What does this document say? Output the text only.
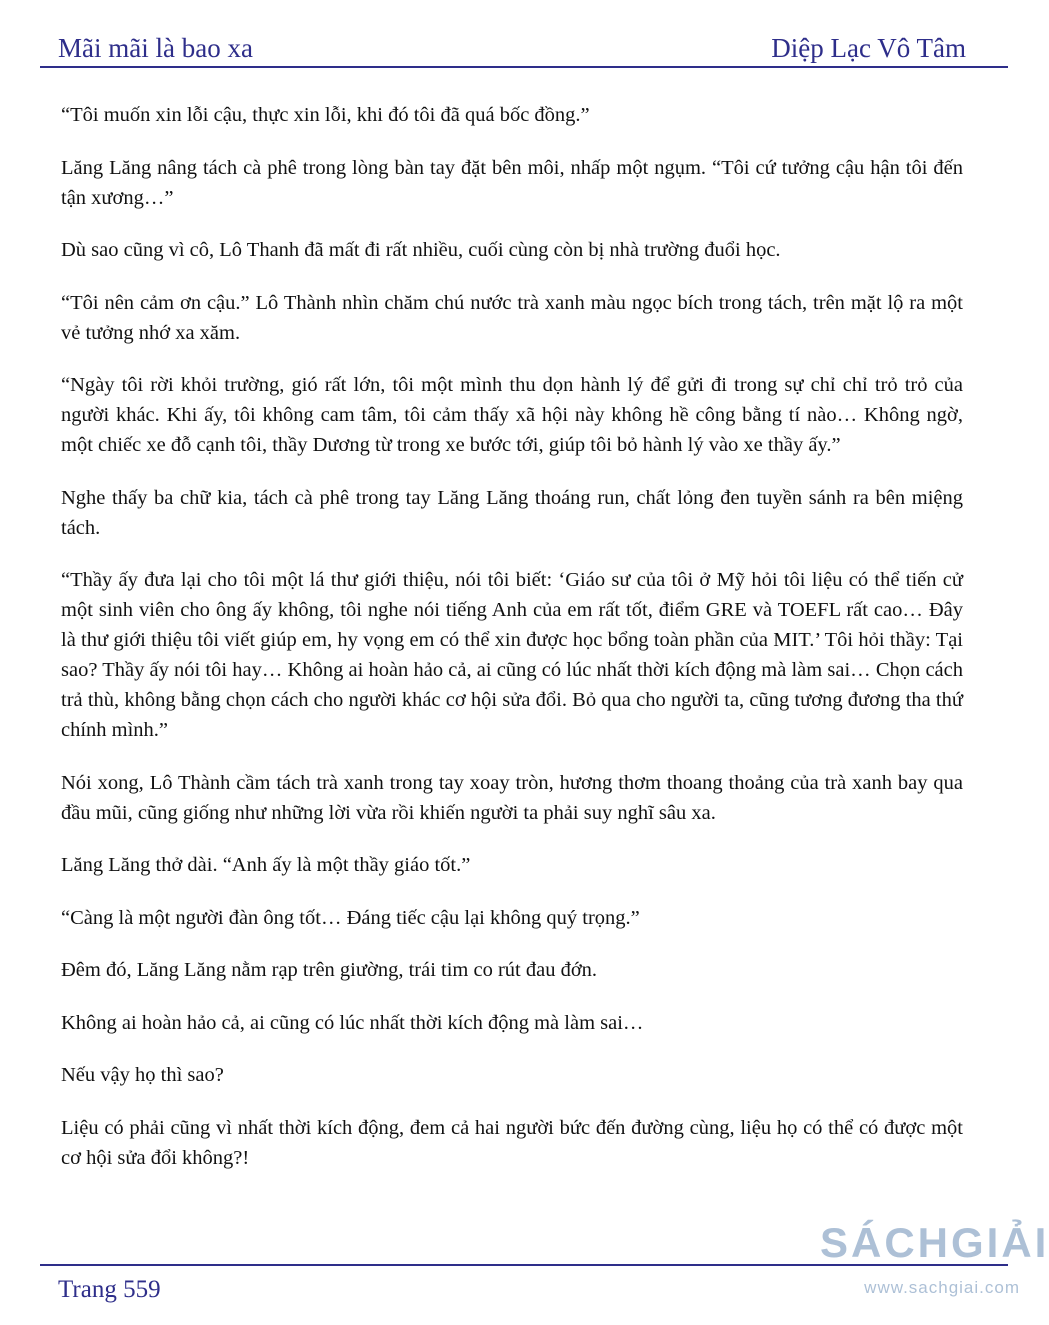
Mãi mãi là bao xa	Diệp Lạc Vô Tâm

“Tôi muốn xin lỗi cậu, thực xin lỗi, khi đó tôi đã quá bốc đồng.”

Lăng Lăng nâng tách cà phê trong lòng bàn tay đặt bên môi, nhấp một ngụm. “Tôi cứ tưởng cậu hận tôi đến tận xương…”

Dù sao cũng vì cô, Lô Thanh đã mất đi rất nhiều, cuối cùng còn bị nhà trường đuổi học.

“Tôi nên cảm ơn cậu.” Lô Thành nhìn chăm chú nước trà xanh màu ngọc bích trong tách, trên mặt lộ ra một vẻ tưởng nhớ xa xăm.

“Ngày tôi rời khỏi trường, gió rất lớn, tôi một mình thu dọn hành lý để gửi đi trong sự chỉ chỉ trỏ trỏ của người khác. Khi ấy, tôi không cam tâm, tôi cảm thấy xã hội này không hề công bằng tí nào… Không ngờ, một chiếc xe đỗ cạnh tôi, thầy Dương từ trong xe bước tới, giúp tôi bỏ hành lý vào xe thầy ấy.”

Nghe thấy ba chữ kia, tách cà phê trong tay Lăng Lăng thoáng run, chất lỏng đen tuyền sánh ra bên miệng tách.

“Thầy ấy đưa lại cho tôi một lá thư giới thiệu, nói tôi biết: ‘Giáo sư của tôi ở Mỹ hỏi tôi liệu có thể tiến cử một sinh viên cho ông ấy không, tôi nghe nói tiếng Anh của em rất tốt, điểm GRE và TOEFL rất cao… Đây là thư giới thiệu tôi viết giúp em, hy vọng em có thể xin được học bổng toàn phần của MIT.’ Tôi hỏi thầy: Tại sao? Thầy ấy nói tôi hay… Không ai hoàn hảo cả, ai cũng có lúc nhất thời kích động mà làm sai… Chọn cách trả thù, không bằng chọn cách cho người khác cơ hội sửa đổi. Bỏ qua cho người ta, cũng tương đương tha thứ chính mình.”

Nói xong, Lô Thành cầm tách trà xanh trong tay xoay tròn, hương thơm thoang thoảng của trà xanh bay qua đầu mũi, cũng giống như những lời vừa rồi khiến người ta phải suy nghĩ sâu xa.

Lăng Lăng thở dài. “Anh ấy là một thầy giáo tốt.”

“Càng là một người đàn ông tốt… Đáng tiếc cậu lại không quý trọng.”

Đêm đó, Lăng Lăng nằm rạp trên giường, trái tim co rút đau đớn.

Không ai hoàn hảo cả, ai cũng có lúc nhất thời kích động mà làm sai…

Nếu vậy họ thì sao?

Liệu có phải cũng vì nhất thời kích động, đem cả hai người bức đến đường cùng, liệu họ có thể có được một cơ hội sửa đổi không?!

Trang 559
SÁCHGIẢI
www.sachgiai.com
